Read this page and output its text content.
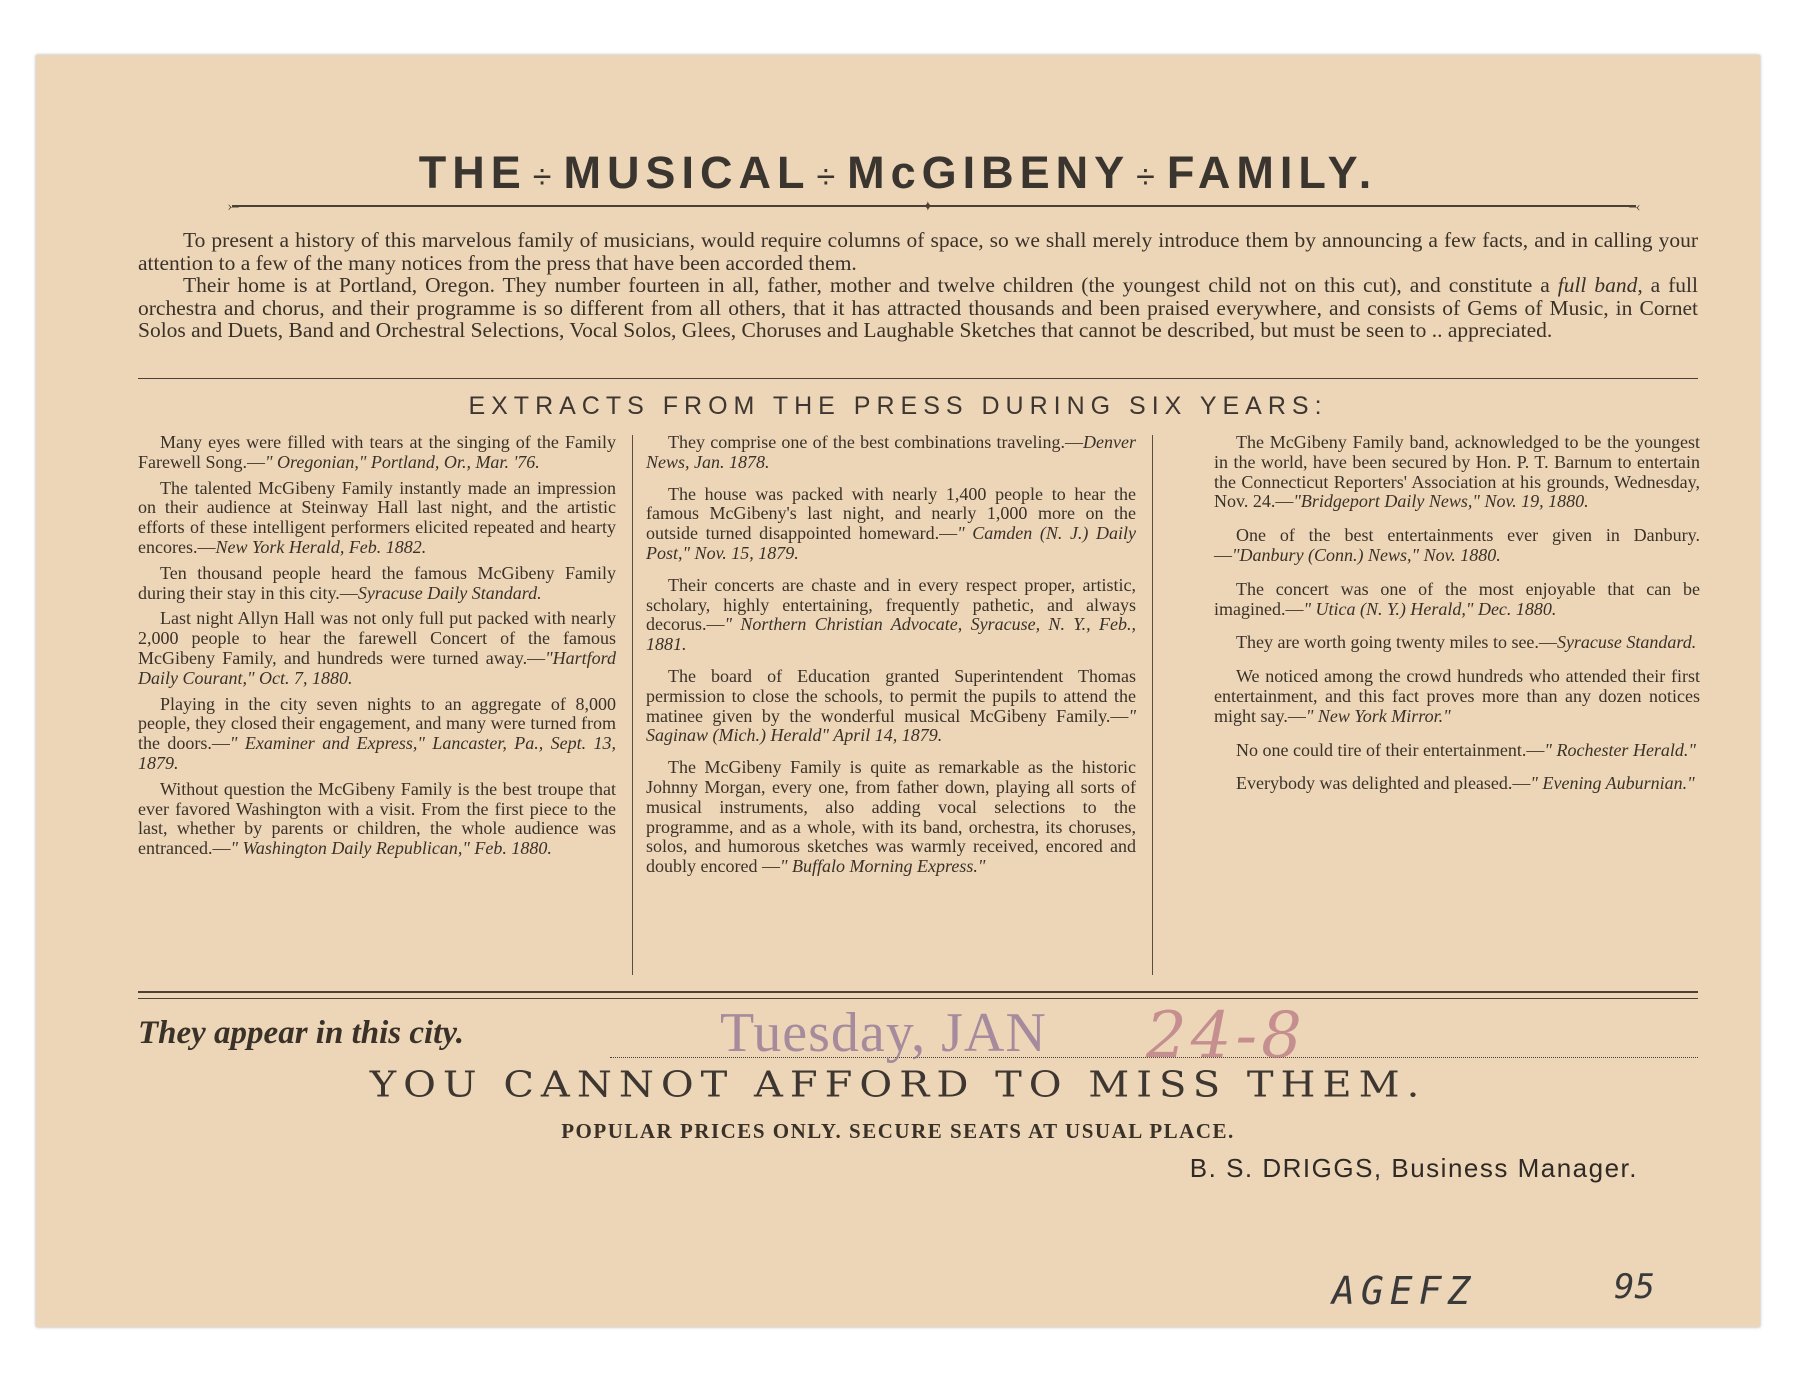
THE ÷ MUSICAL ÷ McGIBENY ÷ FAMILY.
⤚	✦	⤙

To present a history of this marvelous family of musicians, would require columns of space, so we shall merely introduce them by announcing a few facts, and in calling your attention to a few of the many notices from the press that have been accorded them.

Their home is at Portland, Oregon. They number fourteen in all, father, mother and twelve children (the youngest child not on this cut), and constitute a full band, a full orchestra and chorus, and their programme is so different from all others, that it has attracted thousands and been praised everywhere, and consists of Gems of Music, in Cornet Solos and Duets, Band and Orchestral Selections, Vocal Solos, Glees, Choruses and Laughable Sketches that cannot be described, but must be seen to .. appreciated.

EXTRACTS FROM THE PRESS DURING SIX YEARS:

Many eyes were filled with tears at the singing of the Family Farewell Song.—" Oregonian," Portland, Or., Mar. '76.

The talented McGibeny Family instantly made an impression on their audience at Steinway Hall last night, and the artistic efforts of these intelligent performers elicited repeated and hearty encores.—New York Herald, Feb. 1882.

Ten thousand people heard the famous McGibeny Family during their stay in this city.—Syracuse Daily Standard.

Last night Allyn Hall was not only full put packed with nearly 2,000 people to hear the farewell Concert of the famous McGibeny Family, and hundreds were turned away.—"Hartford Daily Courant," Oct. 7, 1880.

Playing in the city seven nights to an aggregate of 8,000 people, they closed their engagement, and many were turned from the doors.—" Examiner and Express," Lancaster, Pa., Sept. 13, 1879.

Without question the McGibeny Family is the best troupe that ever favored Washington with a visit. From the first piece to the last, whether by parents or children, the whole audience was entranced.—" Washington Daily Republican," Feb. 1880.

They comprise one of the best combinations traveling.—Denver News, Jan. 1878.

The house was packed with nearly 1,400 people to hear the famous McGibeny's last night, and nearly 1,000 more on the outside turned disappointed homeward.—" Camden (N. J.) Daily Post," Nov. 15, 1879.

Their concerts are chaste and in every respect proper, artistic, scholary, highly entertaining, frequently pathetic, and always decorus.—" Northern Christian Advocate, Syracuse, N. Y., Feb., 1881.

The board of Education granted Superintendent Thomas permission to close the schools, to permit the pupils to attend the matinee given by the wonderful musical McGibeny Family.—" Saginaw (Mich.) Herald" April 14, 1879.

The McGibeny Family is quite as remarkable as the historic Johnny Morgan, every one, from father down, playing all sorts of musical instruments, also adding vocal selections to the programme, and as a whole, with its band, orchestra, its choruses, solos, and humorous sketches was warmly received, encored and doubly encored —" Buffalo Morning Express."

The McGibeny Family band, acknowledged to be the youngest in the world, have been secured by Hon. P. T. Barnum to entertain the Connecticut Reporters' Association at his grounds, Wednesday, Nov. 24.—"Bridgeport Daily News," Nov. 19, 1880.

One of the best entertainments ever given in Danbury.—"Danbury (Conn.) News," Nov. 1880.

The concert was one of the most enjoyable that can be imagined.—" Utica (N. Y.) Herald," Dec. 1880.

They are worth going twenty miles to see.—Syracuse Standard.

We noticed among the crowd hundreds who attended their first entertainment, and this fact proves more than any dozen notices might say.—" New York Mirror."

No one could tire of their entertainment.—" Rochester Herald."

Everybody was delighted and pleased.—" Evening Auburnian."

They appear in this city.	Tuesday, JAN 24-8
YOU CANNOT AFFORD TO MISS THEM.
POPULAR PRICES ONLY. SECURE SEATS AT USUAL PLACE.
B. S. DRIGGS, Business Manager.
AGEFZ	95
